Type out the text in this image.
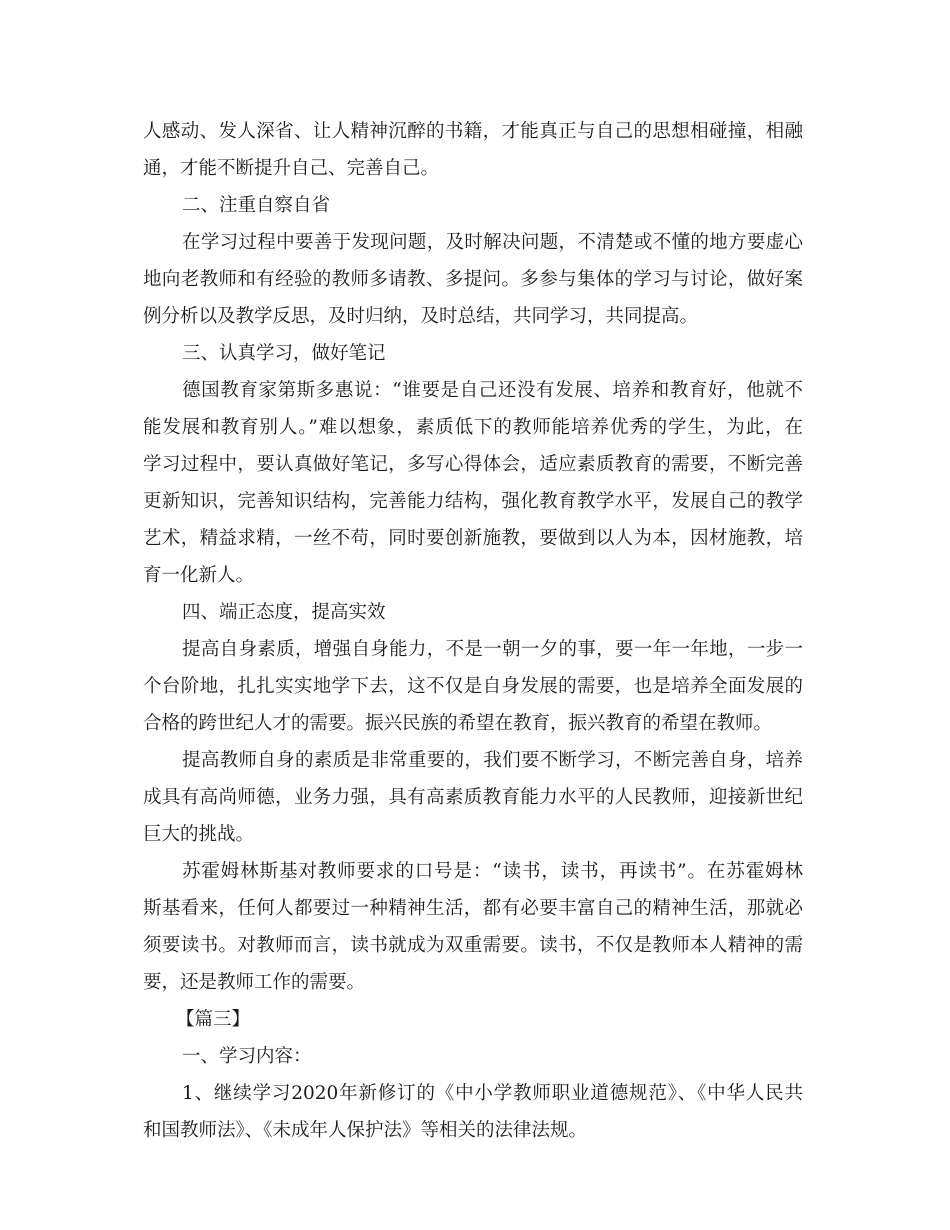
人感动、发人深省、让人精神沉醉的书籍，才能真正与自己的思想相碰撞，相融

通，才能不断提升自己、完善自己。

二、注重自察自省

在学习过程中要善于发现问题，及时解决问题，不清楚或不懂的地方要虚心

地向老教师和有经验的教师多请教、多提问。多参与集体的学习与讨论，做好案

例分析以及教学反思，及时归纳，及时总结，共同学习，共同提高。

三、认真学习，做好笔记

德国教育家第斯多惠说：“谁要是自己还没有发展、培养和教育好，他就不

能发展和教育别人。”难以想象，素质低下的教师能培养优秀的学生，为此，在

学习过程中，要认真做好笔记，多写心得体会，适应素质教育的需要，不断完善

更新知识，完善知识结构，完善能力结构，强化教育教学水平，发展自己的教学

艺术，精益求精，一丝不苟，同时要创新施教，要做到以人为本，因材施教，培

育一化新人。

四、端正态度，提高实效

提高自身素质，增强自身能力，不是一朝一夕的事，要一年一年地，一步一

个台阶地，扎扎实实地学下去，这不仅是自身发展的需要，也是培养全面发展的

合格的跨世纪人才的需要。振兴民族的希望在教育，振兴教育的希望在教师。

提高教师自身的素质是非常重要的，我们要不断学习，不断完善自身，培养

成具有高尚师德，业务力强，具有高素质教育能力水平的人民教师，迎接新世纪

巨大的挑战。

苏霍姆林斯基对教师要求的口号是：“读书，读书，再读书”。在苏霍姆林

斯基看来，任何人都要过一种精神生活，都有必要丰富自己的精神生活，那就必

须要读书。对教师而言，读书就成为双重需要。读书，不仅是教师本人精神的需

要，还是教师工作的需要。

【篇三】

一、学习内容：

1、继续学习2020年新修订的《中小学教师职业道德规范》、《中华人民共

和国教师法》、《未成年人保护法》等相关的法律法规。
